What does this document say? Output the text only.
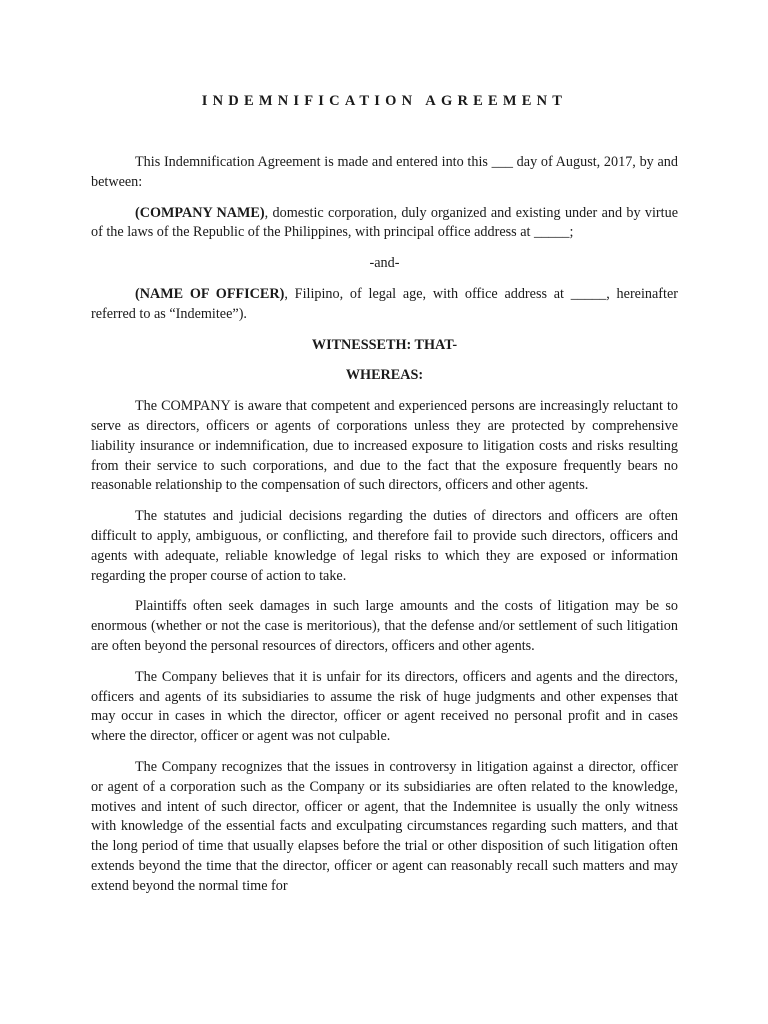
INDEMNIFICATION AGREEMENT

This Indemnification Agreement is made and entered into this ___ day of August, 2017, by and between:

(COMPANY NAME), domestic corporation, duly organized and existing under and by virtue of the laws of the Republic of the Philippines, with principal office address at _____;

-and-

(NAME OF OFFICER), Filipino, of legal age, with office address at _____, hereinafter referred to as “Indemitee”).

WITNESSETH: THAT-
WHEREAS:

The COMPANY is aware that competent and experienced persons are increasingly reluctant to serve as directors, officers or agents of corporations unless they are protected by comprehensive liability insurance or indemnification, due to increased exposure to litigation costs and risks resulting from their service to such corporations, and due to the fact that the exposure frequently bears no reasonable relationship to the compensation of such directors, officers and other agents.

The statutes and judicial decisions regarding the duties of directors and officers are often difficult to apply, ambiguous, or conflicting, and therefore fail to provide such directors, officers and agents with adequate, reliable knowledge of legal risks to which they are exposed or information regarding the proper course of action to take.

Plaintiffs often seek damages in such large amounts and the costs of litigation may be so enormous (whether or not the case is meritorious), that the defense and/or settlement of such litigation are often beyond the personal resources of directors, officers and other agents.

The Company believes that it is unfair for its directors, officers and agents and the directors, officers and agents of its subsidiaries to assume the risk of huge judgments and other expenses that may occur in cases in which the director, officer or agent received no personal profit and in cases where the director, officer or agent was not culpable.

The Company recognizes that the issues in controversy in litigation against a director, officer or agent of a corporation such as the Company or its subsidiaries are often related to the knowledge, motives and intent of such director, officer or agent, that the Indemnitee is usually the only witness with knowledge of the essential facts and exculpating circumstances regarding such matters, and that the long period of time that usually elapses before the trial or other disposition of such litigation often extends beyond the time that the director, officer or agent can reasonably recall such matters and may extend beyond the normal time for
